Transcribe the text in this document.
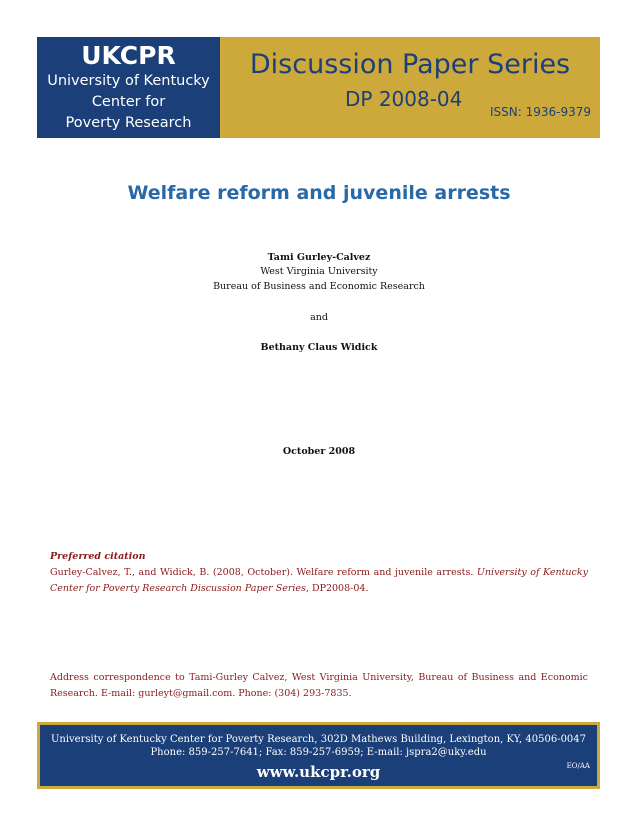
UKCPR
University of Kentucky
Center for
Poverty Research
Discussion Paper Series
DP 2008-04
ISSN: 1936-9379
Welfare reform and juvenile arrests
Tami Gurley-Calvez
West Virginia University
Bureau of Business and Economic Research
and
Bethany Claus Widick
October 2008
Preferred citation
Gurley-Calvez, T., and Widick, B. (2008, October). Welfare reform and juvenile arrests. University of Kentucky Center for Poverty Research Discussion Paper Series, DP2008-04.
Address correspondence to Tami-Gurley Calvez, West Virginia University, Bureau of Business and Economic Research. E-mail: gurleyt@gmail.com. Phone: (304) 293-7835.
University of Kentucky Center for Poverty Research, 302D Mathews Building, Lexington, KY, 40506-0047
Phone: 859-257-7641; Fax: 859-257-6959; E-mail: jspra2@uky.edu
www.ukcpr.org	EO/AA
